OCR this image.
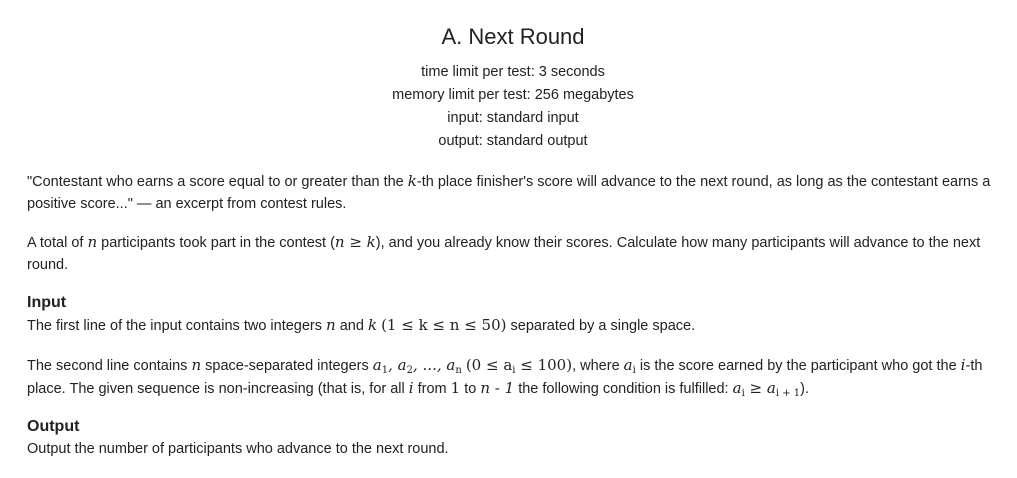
A. Next Round
time limit per test: 3 seconds
memory limit per test: 256 megabytes
input: standard input
output: standard output

"Contestant who earns a score equal to or greater than the k-th place finisher's score will advance to the next round, as long as the contestant earns a positive score..." — an excerpt from contest rules.

A total of n participants took part in the contest (n ≥ k), and you already know their scores. Calculate how many participants will advance to the next round.

Input

The first line of the input contains two integers n and k (1 ≤ k ≤ n ≤ 50) separated by a single space.

The second line contains n space-separated integers $a_1$, $a_2$, ..., $a_n$ $(0 \le a_i \le 100)$, where $a_i$ is the score earned by the participant who got the i-th place. The given sequence is non-increasing (that is, for all i from 1 to n - 1 the following condition is fulfilled: $a_i \ge a_{i + 1}$).

Output

Output the number of participants who advance to the next round.
